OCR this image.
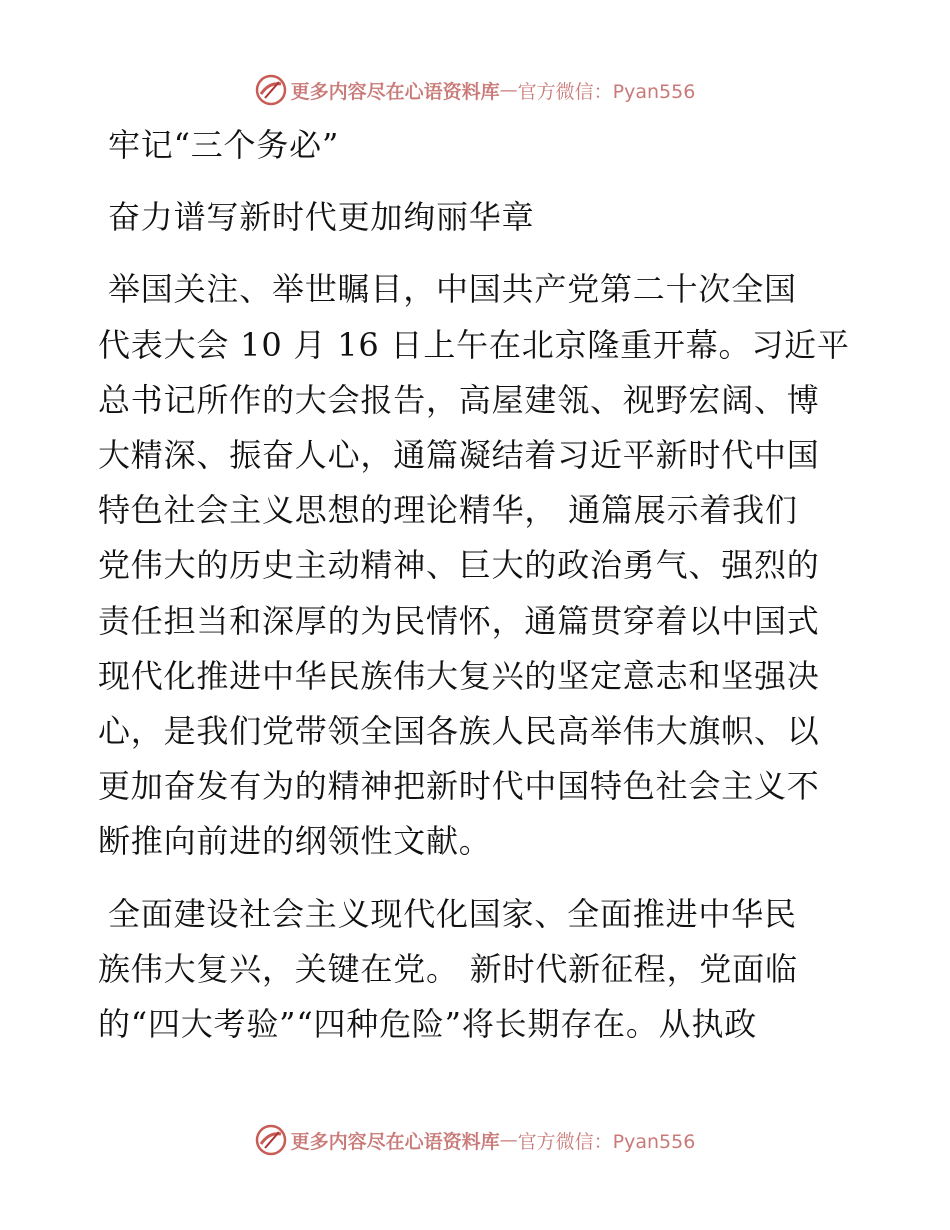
更多内容尽在心语资料库 — 官方微信：Pyan556
牢记“三个务必”
奋力谱写新时代更加绚丽华章
举国关注、举世瞩目，中国共产党第二十次全国
代表大会 10 月 16 日上午在北京隆重开幕。习近平
总书记所作的大会报告，高屋建瓴、视野宏阔、博
大精深、振奋人心，通篇凝结着习近平新时代中国
特色社会主义思想的理论精华， 通篇展示着我们
党伟大的历史主动精神、巨大的政治勇气、强烈的
责任担当和深厚的为民情怀，通篇贯穿着以中国式
现代化推进中华民族伟大复兴的坚定意志和坚强决
心，是我们党带领全国各族人民高举伟大旗帜、以
更加奋发有为的精神把新时代中国特色社会主义不
断推向前进的纲领性文献。
全面建设社会主义现代化国家、全面推进中华民
族伟大复兴，关键在党。 新时代新征程，党面临
的“四大考验”“四种危险”将长期存在。从执政
更多内容尽在心语资料库 — 官方微信：Pyan556
